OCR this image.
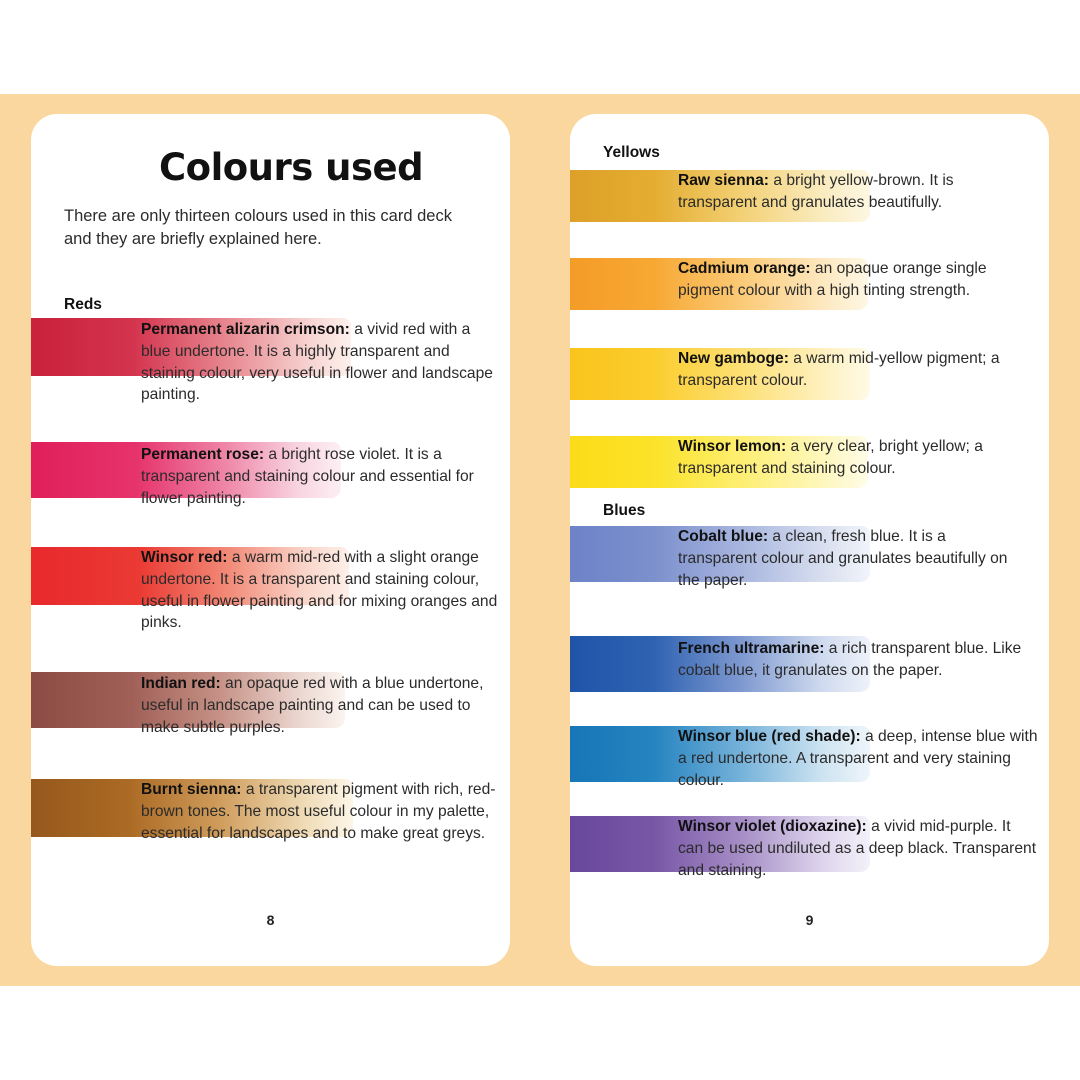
Colours used
There are only thirteen colours used in this card deck and they are briefly explained here.
Reds
Permanent alizarin crimson: a vivid red with a blue undertone. It is a highly transparent and staining colour, very useful in flower and landscape painting.
Permanent rose: a bright rose violet. It is a transparent and staining colour and essential for flower painting.
Winsor red: a warm mid-red with a slight orange undertone. It is a transparent and staining colour, useful in flower painting and for mixing oranges and pinks.
Indian red: an opaque red with a blue undertone, useful in landscape painting and can be used to make subtle purples.
Burnt sienna: a transparent pigment with rich, red-brown tones. The most useful colour in my palette, essential for landscapes and to make great greys.
8
Yellows
Raw sienna: a bright yellow-brown. It is transparent and granulates beautifully.
Cadmium orange: an opaque orange single pigment colour with a high tinting strength.
New gamboge: a warm mid-yellow pigment; a transparent colour.
Winsor lemon: a very clear, bright yellow; a transparent and staining colour.
Blues
Cobalt blue: a clean, fresh blue. It is a transparent colour and granulates beautifully on the paper.
French ultramarine: a rich transparent blue. Like cobalt blue, it granulates on the paper.
Winsor blue (red shade): a deep, intense blue with a red undertone. A transparent and very staining colour.
Winsor violet (dioxazine): a vivid mid-purple. It can be used undiluted as a deep black. Transparent and staining.
9
